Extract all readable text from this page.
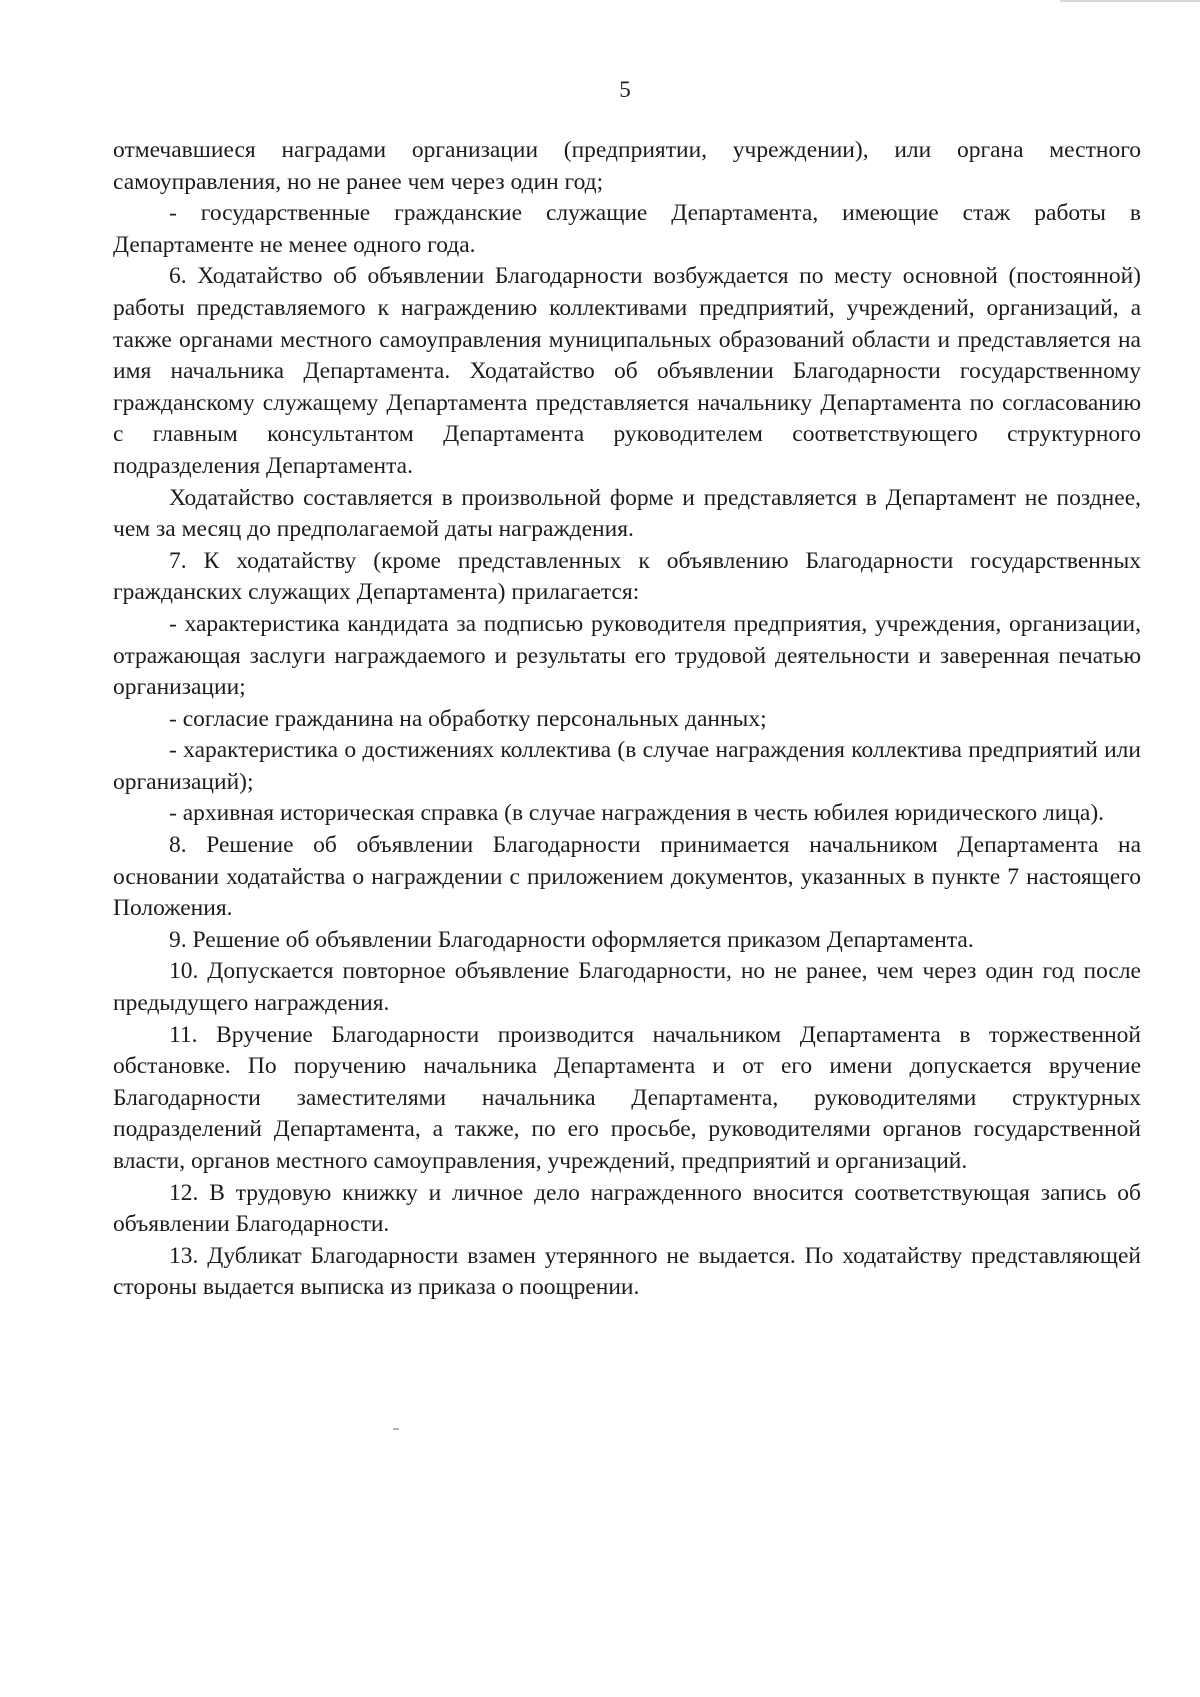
5

отмечавшиеся наградами организации (предприятии, учреждении), или органа местного самоуправления, но не ранее чем через один год;

- государственные гражданские служащие Департамента, имеющие стаж работы в Департаменте не менее одного года.

6. Ходатайство об объявлении Благодарности возбуждается по месту основной (постоянной) работы представляемого к награждению коллективами предприятий, учреждений, организаций, а также органами местного самоуправления муниципальных образований области и представляется на имя начальника Департамента. Ходатайство об объявлении Благодарности государственному гражданскому служащему Департамента представляется начальнику Департамента по согласованию с главным консультантом Департамента руководителем соответствующего структурного подразделения Департамента.

Ходатайство составляется в произвольной форме и представляется в Департамент не позднее, чем за месяц до предполагаемой даты награждения.

7. К ходатайству (кроме представленных к объявлению Благодарности государственных гражданских служащих Департамента) прилагается:

- характеристика кандидата за подписью руководителя предприятия, учреждения, организации, отражающая заслуги награждаемого и результаты его трудовой деятельности и заверенная печатью организации;

- согласие гражданина на обработку персональных данных;

- характеристика о достижениях коллектива (в случае награждения коллектива предприятий или организаций);

- архивная историческая справка (в случае награждения в честь юбилея юридического лица).

8. Решение об объявлении Благодарности принимается начальником Департамента на основании ходатайства о награждении с приложением документов, указанных в пункте 7 настоящего Положения.

9. Решение об объявлении Благодарности оформляется приказом Департамента.

10. Допускается повторное объявление Благодарности, но не ранее, чем через один год после предыдущего награждения.

11. Вручение Благодарности производится начальником Департамента в торжественной обстановке. По поручению начальника Департамента и от его имени допускается вручение Благодарности заместителями начальника Департамента, руководителями структурных подразделений Департамента, а также, по его просьбе, руководителями органов государственной власти, органов местного самоуправления, учреждений, предприятий и организаций.

12. В трудовую книжку и личное дело награжденного вносится соответствующая запись об объявлении Благодарности.

13. Дубликат Благодарности взамен утерянного не выдается. По ходатайству представляющей стороны выдается выписка из приказа о поощрении.
